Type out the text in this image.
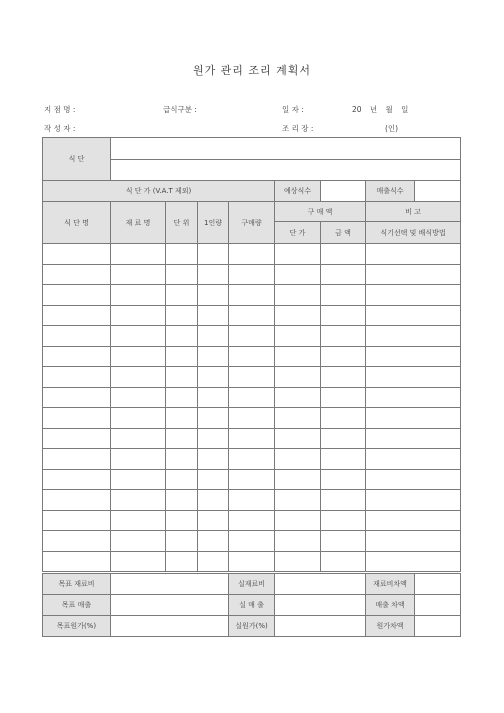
원가 관리 조리 계획서
지 점 명 :	급식구분 :	일 자 :	20 년 월 일
작 성 자 :	조 리 장 :	(인)
식 단								

식 단 가 (V.A.T 제외)					예상식수		매출식수	
식 단 명	재 료 명	단 위	1인량	구매량	구 매 액		비 고	
					단 가	금 액	식기선택 및 배식방법	

목표 재료비		실재료비		재료비차액	
목표 매출		실 매 출		매출 차액	
목표원가(%)		실원가(%)		원가차액	
